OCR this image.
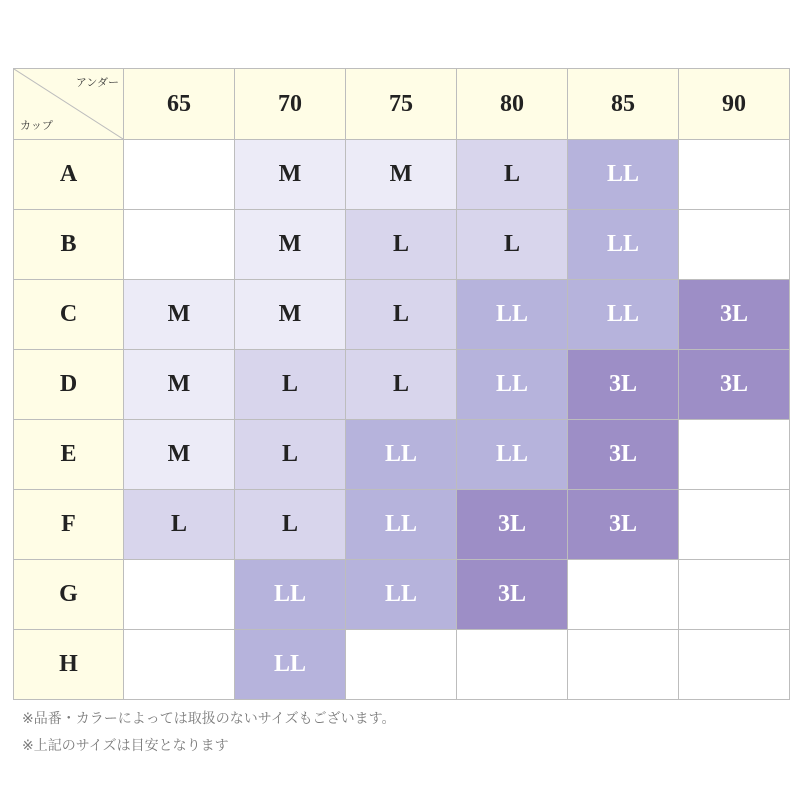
アンダー
カップ	65	70	75	80	85	90
A		M	M	L	LL	
B		M	L	L	LL	
C	M	M	L	LL	LL	3L
D	M	L	L	LL	3L	3L
E	M	L	LL	LL	3L	
F	L	L	LL	3L	3L	
G		LL	LL	3L		
H		LL				
※品番・カラーによっては取扱のないサイズもございます。
※上記のサイズは目安となります
